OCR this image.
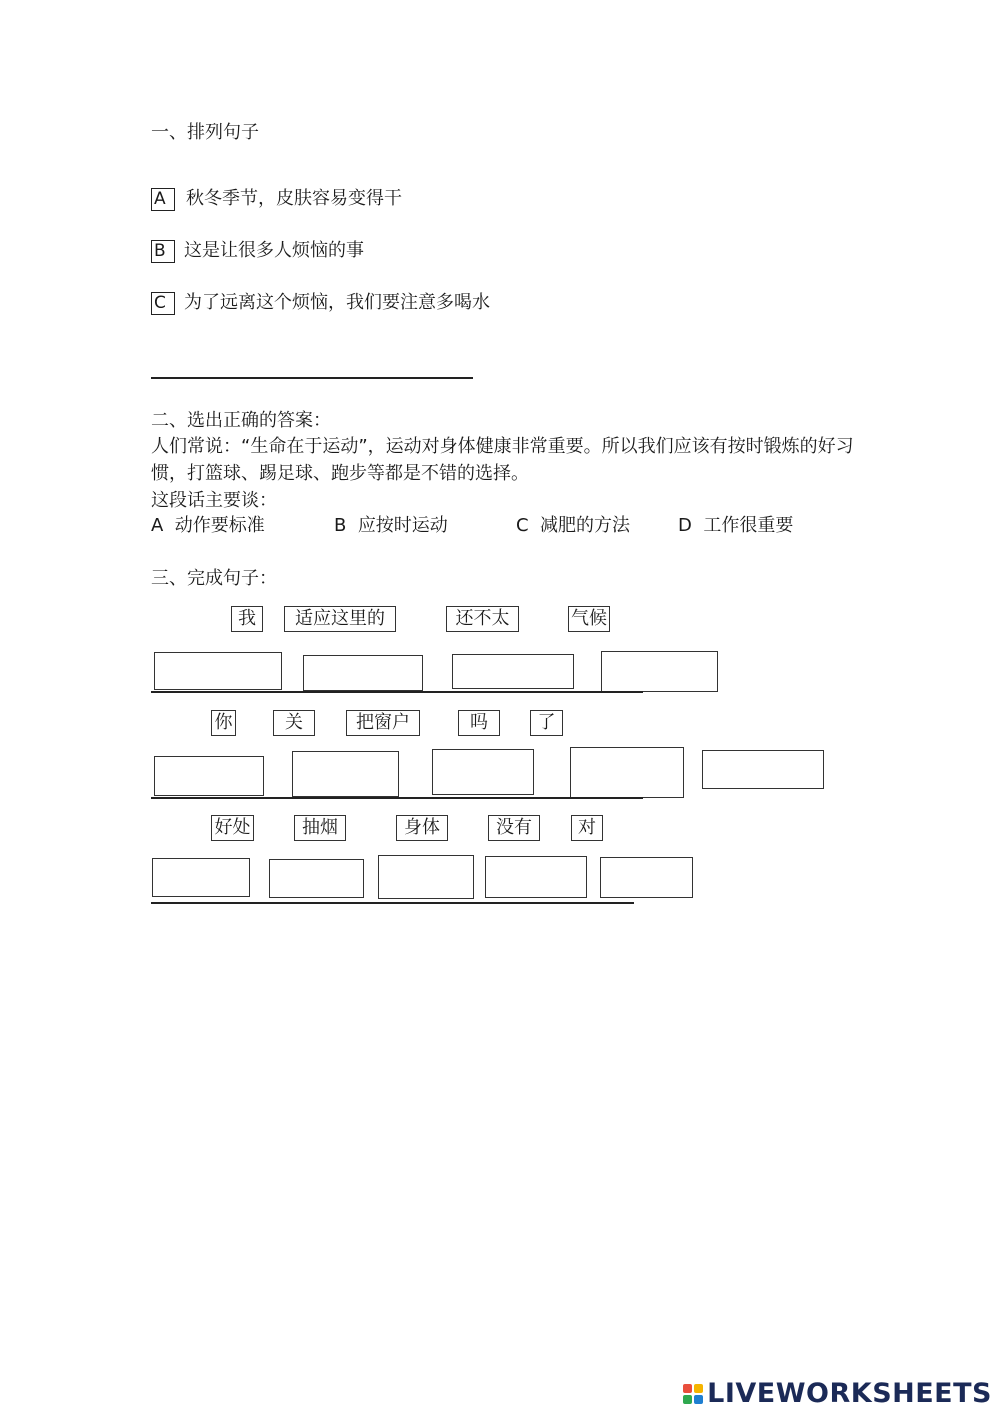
一、排列句子
A	秋冬季节，皮肤容易变得干
B	这是让很多人烦恼的事
C	为了远离这个烦恼，我们要注意多喝水
二、选出正确的答案：
人们常说：“生命在于运动”，运动对身体健康非常重要。所以我们应该有按时锻炼的好习惯，打篮球、踢足球、跑步等都是不错的选择。
这段话主要谈：
A 动作要标准	B 应按时运动	C 减肥的方法	D 工作很重要
三、完成句子：
我	适应这里的	还不太	气候
你	关	把窗户	吗	了
好处	抽烟	身体	没有	对
LIVEWORKSHEETS
